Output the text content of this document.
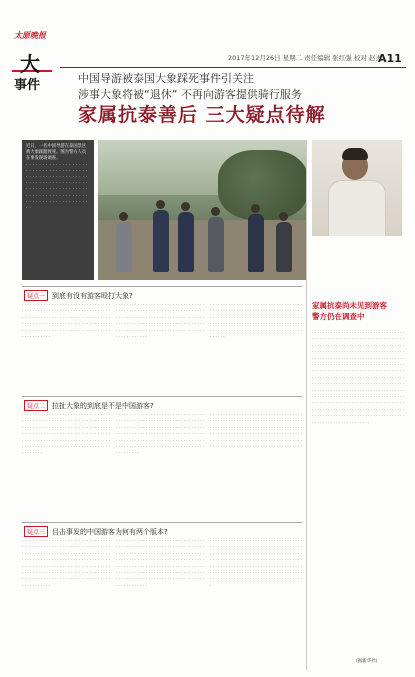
太原晚报
大
事件
2017年12月26日 星期二 责任编辑 张红强 校对 赵杰
A11
中国导游被泰国大象踩死事件引关注
涉事大象将被“退休” 不再向游客提供骑行服务
家属抗泰善后 三大疑点待解
近日，一名中国导游在泰国景区被大象踩踏致死。图为警方人员在事发现场调查。
· · · · · · · · · · · · · · · · · · · · · · · · · · · · · · · · · · · · · · · · · · · · · · · · · · · · · · · · · · · · · · · · · · · · · · · · · · · · · · · · · · · · · · · · · · · · · · · · · · · · · · · · · · · · · · · · · · · · · · · · · · · · · · · · · · · · · · ·
疑点一	到底有没有游客殴打大象?
· · · · · · · · · · · · · · · · · · · · · · · · · · · · · · · · · · · · · · · · · · · · · · · · · · · · · · · · · · · · · · · · · · · · · · · · · · · · · · · · · · · · · · · · · · · · · · · · · · · · · · · · · · · · · · · · · · · · · · · · · · · · · · · · · · · · · · · · · · · · · · · · · · · · · · · · · · · · · · · · · · · · · · · · · · · · · · · ·
· · · · · · · · · · · · · · · · · · · · · · · · · · · · · · · · · · · · · · · · · · · · · · · · · · · · · · · · · · · · · · · · · · · · · · · · · · · · · · · · · · · · · · · · · · · · · · · · · · · · · · · · · · · · · · · · · · · · · · · · · · · · · · · · · · · · · · · · · · · · · · · · · · · · · · · · · · · · · · · · · · · · · · · · · · · · · · · · ·
· · · · · · · · · · · · · · · · · · · · · · · · · · · · · · · · · · · · · · · · · · · · · · · · · · · · · · · · · · · · · · · · · · · · · · · · · · · · · · · · · · · · · · · · · · · · · · · · · · · · · · · · · · · · · · · · · · · · · · · · · · · · · · · · · · · · · · · · · · · · · · · · · · · · · · · · · · · · · · · · · · · · · · · · · · · · · · · · · · · · ·
疑点二	拉扯大象的到底是不是中国游客?
· · · · · · · · · · · · · · · · · · · · · · · · · · · · · · · · · · · · · · · · · · · · · · · · · · · · · · · · · · · · · · · · · · · · · · · · · · · · · · · · · · · · · · · · · · · · · · · · · · · · · · · · · · · · · · · · · · · · · · · · · · · · · · · · · · · · · · · · · · · · · · · · · · · · · · · · · · · · · · · · · · · · · · · · · · · · · · · · · · · · · · · · · · · · · · · · · · · · · · · · · · · · · ·
· · · · · · · · · · · · · · · · · · · · · · · · · · · · · · · · · · · · · · · · · · · · · · · · · · · · · · · · · · · · · · · · · · · · · · · · · · · · · · · · · · · · · · · · · · · · · · · · · · · · · · · · · · · · · · · · · · · · · · · · · · · · · · · · · · · · · · · · · · · · · · · · · · · · · · · · · · · · · · · · · · · · · · · · · · · · · · · · · · · · · · · · · · · · · · · · · · · · · · · · · · · · · · ·
· · · · · · · · · · · · · · · · · · · · · · · · · · · · · · · · · · · · · · · · · · · · · · · · · · · · · · · · · · · · · · · · · · · · · · · · · · · · · · · · · · · · · · · · · · · · · · · · · · · · · · · · · · · · · · · · · · · · · · · · · · · · · · · · · · · · · · · · · · · · · · · · · · · · · · · · · · · · · · · · · · · · · · · · · · · · · · · · · · · · · · · · · · · · · · · · · · · · · · · · · · · · · · · · · ·
疑点三	目击事发的中国游客为何有两个版本?
· · · · · · · · · · · · · · · · · · · · · · · · · · · · · · · · · · · · · · · · · · · · · · · · · · · · · · · · · · · · · · · · · · · · · · · · · · · · · · · · · · · · · · · · · · · · · · · · · · · · · · · · · · · · · · · · · · · · · · · · · · · · · · · · · · · · · · · · · · · · · · · · · · · · · · · · · · · · · · · · · · · · · · · · · · · · · · · · · · · · · · · · · · · · · · · · · · · · · · · · · · · · · · · · · · · · · · · · · · · · · · · · · · · · · · · · · · · · · · · · · ·
· · · · · · · · · · · · · · · · · · · · · · · · · · · · · · · · · · · · · · · · · · · · · · · · · · · · · · · · · · · · · · · · · · · · · · · · · · · · · · · · · · · · · · · · · · · · · · · · · · · · · · · · · · · · · · · · · · · · · · · · · · · · · · · · · · · · · · · · · · · · · · · · · · · · · · · · · · · · · · · · · · · · · · · · · · · · · · · · · · · · · · · · · · · · · · · · · · · · · · · · · · · · · · · · · · · · · · · · · · · · · · · · · · · · · · · · · · · · · · · · · · ·
· · · · · · · · · · · · · · · · · · · · · · · · · · · · · · · · · · · · · · · · · · · · · · · · · · · · · · · · · · · · · · · · · · · · · · · · · · · · · · · · · · · · · · · · · · · · · · · · · · · · · · · · · · · · · · · · · · · · · · · · · · · · · · · · · · · · · · · · · · · · · · · · · · · · · · · · · · · · · · · · · · · · · · · · · · · · · · · · · · · · · · · · · · · · · · · · · · · · · · · · · · · · · · · · · · · · · · · · · · · · · · · · · · · · · · · · · · · · · · · · · · · · · ·
家属抗泰尚未见到游客
警方仍在调查中
· · · · · · · · · · · · · · · · · · · · · · · · · · · · · · · · · · · · · · · · · · · · · · · · · · · · · · · · · · · · · · · · · · · · · · · · · · · · · · · · · · · · · · · · · · · · · · · · · · · · · · · · · · · · · · · · · · · · · · · · · · · · · · · · · · · · · · · · · · · · · · · · · · · · · · · · · · · · · · · · · · · · · · · · · · · · · · · · · · · · · · · · · · · · · · · · · · · · · · · · · · · · · · · · · · · · · · · · · · · · · · · · · · · · · · · · · · · · · · · · · · · · · · · · · · · · · · · · · · · · · · · · · · · · · · · · · · · · · · · · · · · · · · · · · · · · · · · · · · · · · · · · · · · · · · · · · · · · · · · · · · · · · · · · · · · · · · · · · · · · · · · · · · · · · · · · · · · · · · · · · · · · · · · · · · · · · · · · · · · · · · · · · · · · · · · · · · · · · · · · · · · · · · · · · · · · · · · · · · · · · · · · · · · · · · · · · · · · · · · · · · · · · · · · · · · · · · · · · · · · · · · · · · · · · · · · · · · · · · · · · · · · · · · · · · · · · · · · · · · · · · · · · · · · · · · ·
(据新华社)
